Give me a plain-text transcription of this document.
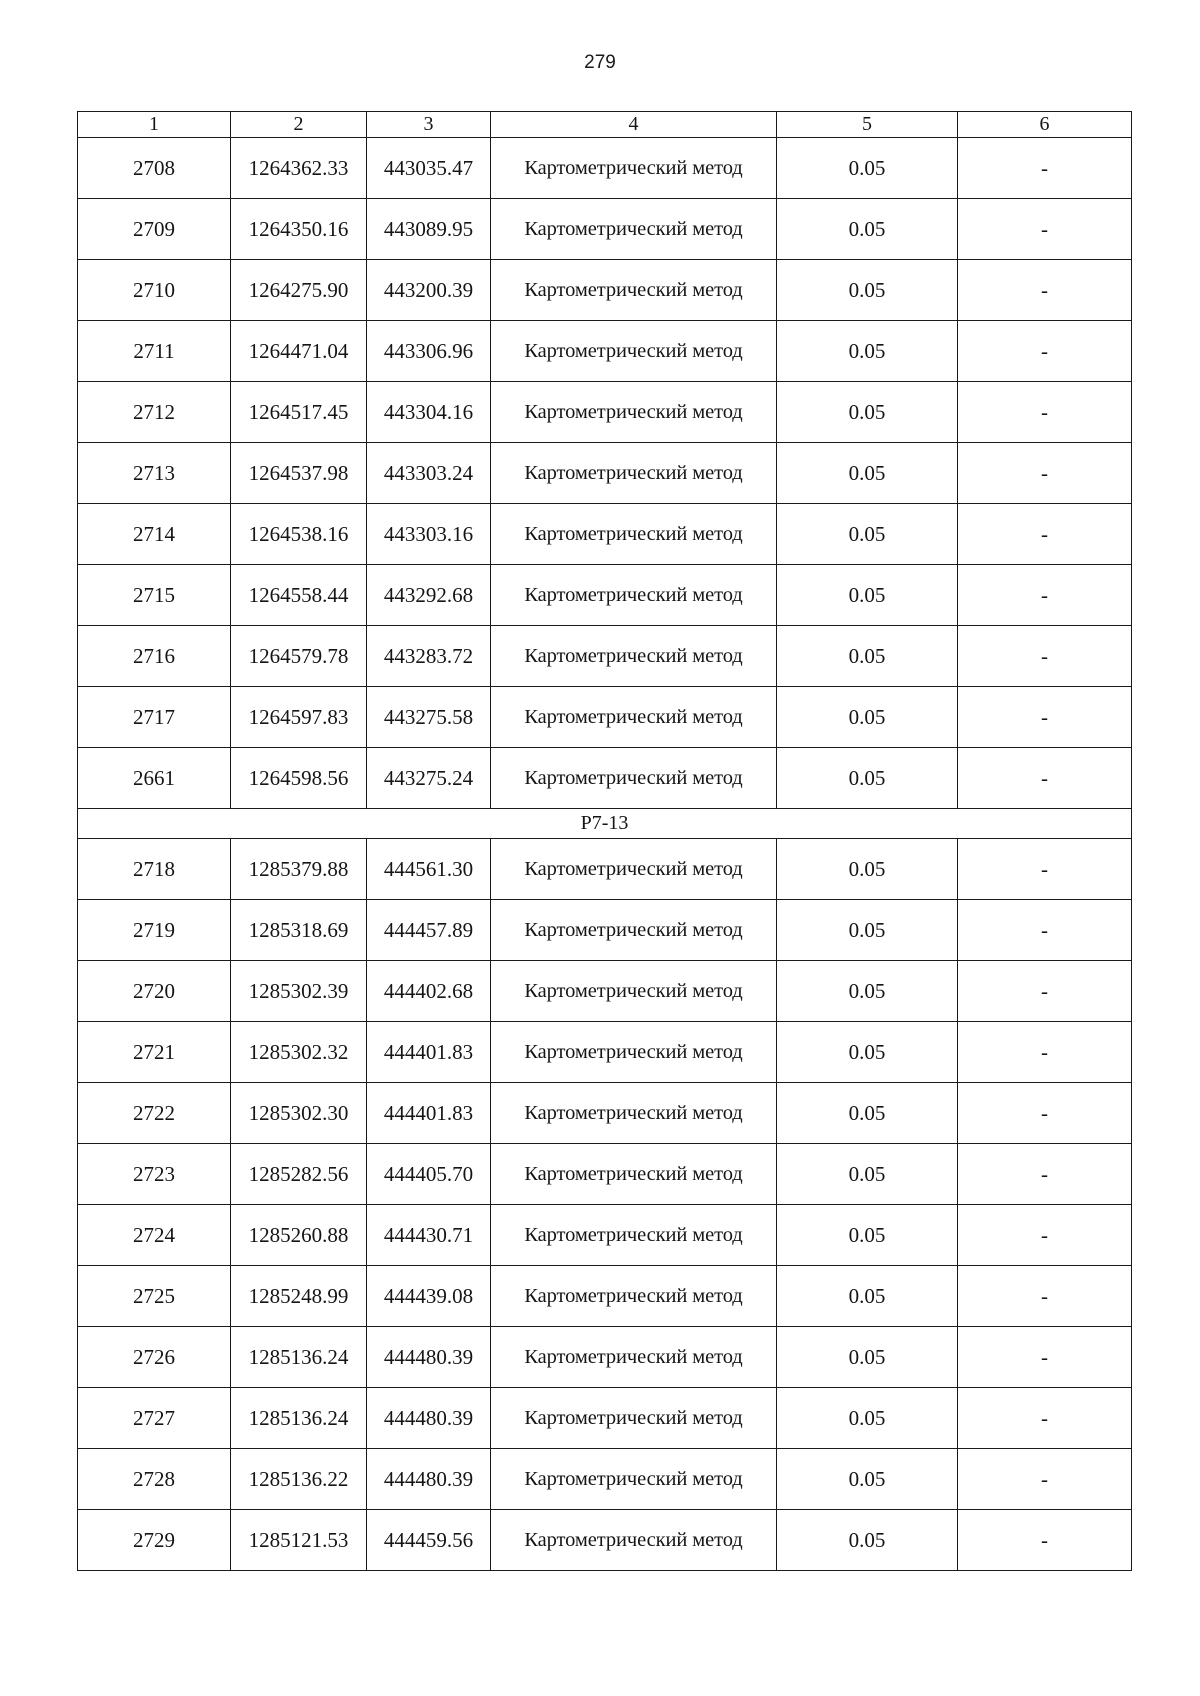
279
1	2	3	4	5	6
2708	1264362.33	443035.47	Картометрический метод	0.05	-
2709	1264350.16	443089.95	Картометрический метод	0.05	-
2710	1264275.90	443200.39	Картометрический метод	0.05	-
2711	1264471.04	443306.96	Картометрический метод	0.05	-
2712	1264517.45	443304.16	Картометрический метод	0.05	-
2713	1264537.98	443303.24	Картометрический метод	0.05	-
2714	1264538.16	443303.16	Картометрический метод	0.05	-
2715	1264558.44	443292.68	Картометрический метод	0.05	-
2716	1264579.78	443283.72	Картометрический метод	0.05	-
2717	1264597.83	443275.58	Картометрический метод	0.05	-
2661	1264598.56	443275.24	Картометрический метод	0.05	-
Р7-13					
2718	1285379.88	444561.30	Картометрический метод	0.05	-
2719	1285318.69	444457.89	Картометрический метод	0.05	-
2720	1285302.39	444402.68	Картометрический метод	0.05	-
2721	1285302.32	444401.83	Картометрический метод	0.05	-
2722	1285302.30	444401.83	Картометрический метод	0.05	-
2723	1285282.56	444405.70	Картометрический метод	0.05	-
2724	1285260.88	444430.71	Картометрический метод	0.05	-
2725	1285248.99	444439.08	Картометрический метод	0.05	-
2726	1285136.24	444480.39	Картометрический метод	0.05	-
2727	1285136.24	444480.39	Картометрический метод	0.05	-
2728	1285136.22	444480.39	Картометрический метод	0.05	-
2729	1285121.53	444459.56	Картометрический метод	0.05	-
